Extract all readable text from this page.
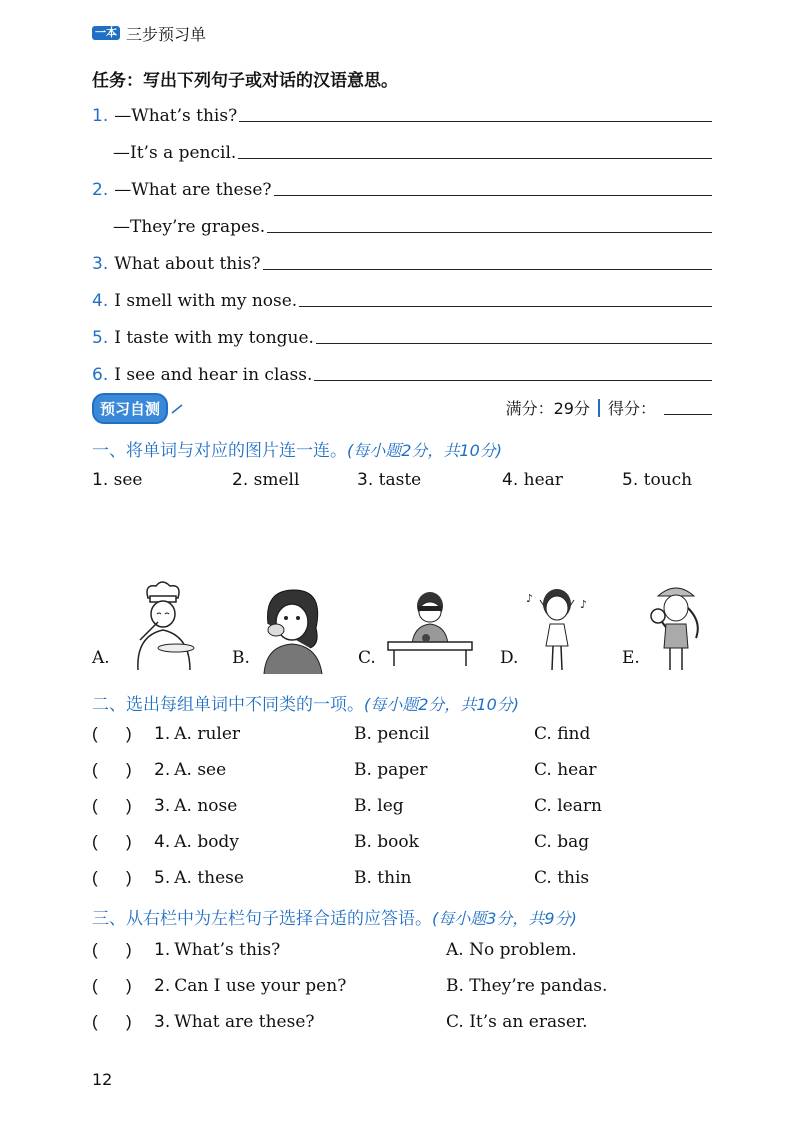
一本 三步预习单
任务：写出下列句子或对话的汉语意思。
1. —What’s this?
—It’s a pencil.
2. —What are these?
—They’re grapes.
3. What about this?
4. I smell with my nose.
5. I taste with my tongue.
6. I see and hear in class.
预习自测	满分：29分 得分：
一、将单词与对应的图片连一连。(每小题2分，共10分)
1. see	2. smell	3. taste	4. hear	5. touch
A.	B.	C.	D.
♪	♪
E.
二、选出每组单词中不同类的一项。(每小题2分，共10分)
(      )	1. A. ruler	B. pencil	C. find
(      )	2. A. see	B. paper	C. hear
(      )	3. A. nose	B. leg	C. learn
(      )	4. A. body	B. book	C. bag
(      )	5. A. these	B. thin	C. this
三、从右栏中为左栏句子选择合适的应答语。(每小题3分，共9分)
(      )	1. What’s this?	A. No problem.
(      )	2. Can I use your pen?	B. They’re pandas.
(      )	3. What are these?	C. It’s an eraser.
12
